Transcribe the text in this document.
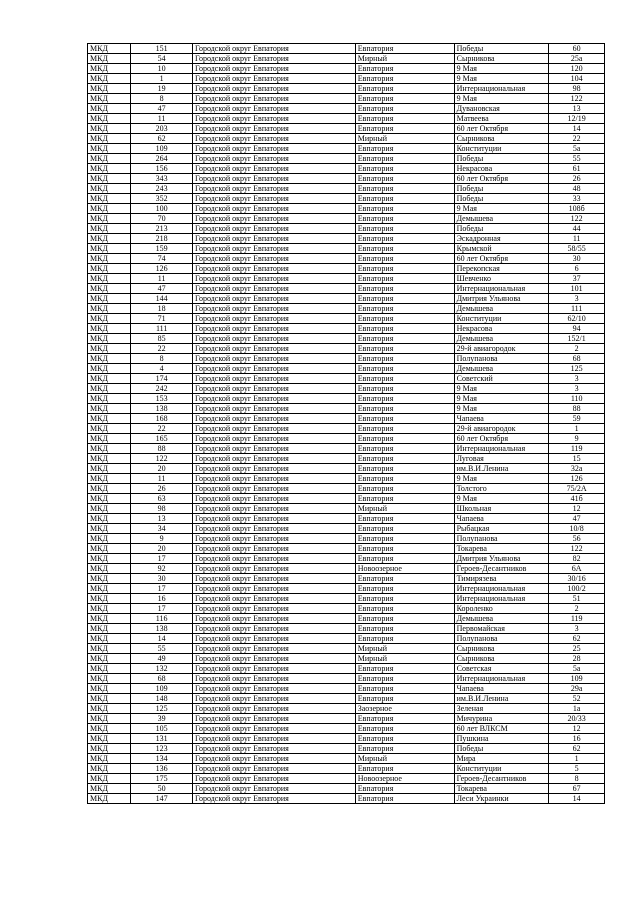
МКД	151	Городской округ Евпатория	Евпатория	Победы	60
МКД	54	Городской округ Евпатория	Мирный	Сырникова	25а
МКД	10	Городской округ Евпатория	Евпатория	9 Мая	120
МКД	1	Городской округ Евпатория	Евпатория	9 Мая	104
МКД	19	Городской округ Евпатория	Евпатория	Интернациональная	98
МКД	8	Городской округ Евпатория	Евпатория	9 Мая	122
МКД	47	Городской округ Евпатория	Евпатория	Дувановская	13
МКД	11	Городской округ Евпатория	Евпатория	Матвеева	12/19
МКД	203	Городской округ Евпатория	Евпатория	60 лет Октября	14
МКД	62	Городской округ Евпатория	Мирный	Сырникова	22
МКД	109	Городской округ Евпатория	Евпатория	Конституции	5а
МКД	264	Городской округ Евпатория	Евпатория	Победы	55
МКД	156	Городской округ Евпатория	Евпатория	Некрасова	61
МКД	343	Городской округ Евпатория	Евпатория	60 лет Октября	26
МКД	243	Городской округ Евпатория	Евпатория	Победы	48
МКД	352	Городской округ Евпатория	Евпатория	Победы	33
МКД	100	Городской округ Евпатория	Евпатория	9 Мая	108б
МКД	70	Городской округ Евпатория	Евпатория	Демышева	122
МКД	213	Городской округ Евпатория	Евпатория	Победы	44
МКД	218	Городской округ Евпатория	Евпатория	Эскадронная	11
МКД	159	Городской округ Евпатория	Евпатория	Крымской	58/55
МКД	74	Городской округ Евпатория	Евпатория	60 лет Октября	30
МКД	126	Городской округ Евпатория	Евпатория	Перекопская	6
МКД	11	Городской округ Евпатория	Евпатория	Шевченко	37
МКД	47	Городской округ Евпатория	Евпатория	Интернациональная	101
МКД	144	Городской округ Евпатория	Евпатория	Дмитрия Ульянова	3
МКД	18	Городской округ Евпатория	Евпатория	Демышева	111
МКД	71	Городской округ Евпатория	Евпатория	Конституции	62/10
МКД	111	Городской округ Евпатория	Евпатория	Некрасова	94
МКД	85	Городской округ Евпатория	Евпатория	Демышева	152/1
МКД	22	Городской округ Евпатория	Евпатория	29-й авиагородок	2
МКД	8	Городской округ Евпатория	Евпатория	Полупанова	68
МКД	4	Городской округ Евпатория	Евпатория	Демышева	125
МКД	174	Городской округ Евпатория	Евпатория	Советский	3
МКД	242	Городской округ Евпатория	Евпатория	9 Мая	3
МКД	153	Городской округ Евпатория	Евпатория	9 Мая	110
МКД	138	Городской округ Евпатория	Евпатория	9 Мая	88
МКД	168	Городской округ Евпатория	Евпатория	Чапаева	59
МКД	22	Городской округ Евпатория	Евпатория	29-й авиагородок	1
МКД	165	Городской округ Евпатория	Евпатория	60 лет Октября	9
МКД	88	Городской округ Евпатория	Евпатория	Интернациональная	119
МКД	122	Городской округ Евпатория	Евпатория	Луговая	15
МКД	20	Городской округ Евпатория	Евпатория	им.В.И.Ленина	32а
МКД	11	Городской округ Евпатория	Евпатория	9 Мая	126
МКД	26	Городской округ Евпатория	Евпатория	Толстого	75/2А
МКД	63	Городской округ Евпатория	Евпатория	9 Мая	41б
МКД	98	Городской округ Евпатория	Мирный	Школьная	12
МКД	13	Городской округ Евпатория	Евпатория	Чапаева	47
МКД	34	Городской округ Евпатория	Евпатория	Рыбацкая	10/8
МКД	9	Городской округ Евпатория	Евпатория	Полупанова	56
МКД	20	Городской округ Евпатория	Евпатория	Токарева	122
МКД	17	Городской округ Евпатория	Евпатория	Дмитрия Ульянова	82
МКД	92	Городской округ Евпатория	Новоозерное	Героев-Десантников	6А
МКД	30	Городской округ Евпатория	Евпатория	Тимирязева	30/16
МКД	17	Городской округ Евпатория	Евпатория	Интернациональная	100/2
МКД	16	Городской округ Евпатория	Евпатория	Интернациональная	51
МКД	17	Городской округ Евпатория	Евпатория	Короленко	2
МКД	116	Городской округ Евпатория	Евпатория	Демышева	119
МКД	138	Городской округ Евпатория	Евпатория	Первомайская	3
МКД	14	Городской округ Евпатория	Евпатория	Полупанова	62
МКД	55	Городской округ Евпатория	Мирный	Сырникова	25
МКД	49	Городской округ Евпатория	Мирный	Сырникова	28
МКД	132	Городской округ Евпатория	Евпатория	Советская	5а
МКД	68	Городской округ Евпатория	Евпатория	Интернациональная	109
МКД	109	Городской округ Евпатория	Евпатория	Чапаева	29а
МКД	148	Городской округ Евпатория	Евпатория	им.В.И.Ленина	52
МКД	125	Городской округ Евпатория	Заозерное	Зеленая	1а
МКД	39	Городской округ Евпатория	Евпатория	Мичурина	20/33
МКД	105	Городской округ Евпатория	Евпатория	60 лет ВЛКСМ	12
МКД	131	Городской округ Евпатория	Евпатория	Пушкина	16
МКД	123	Городской округ Евпатория	Евпатория	Победы	62
МКД	134	Городской округ Евпатория	Мирный	Мира	1
МКД	136	Городской округ Евпатория	Евпатория	Конституции	5
МКД	175	Городской округ Евпатория	Новоозерное	Героев-Десантников	8
МКД	50	Городской округ Евпатория	Евпатория	Токарева	67
МКД	147	Городской округ Евпатория	Евпатория	Леси Украинки	14
